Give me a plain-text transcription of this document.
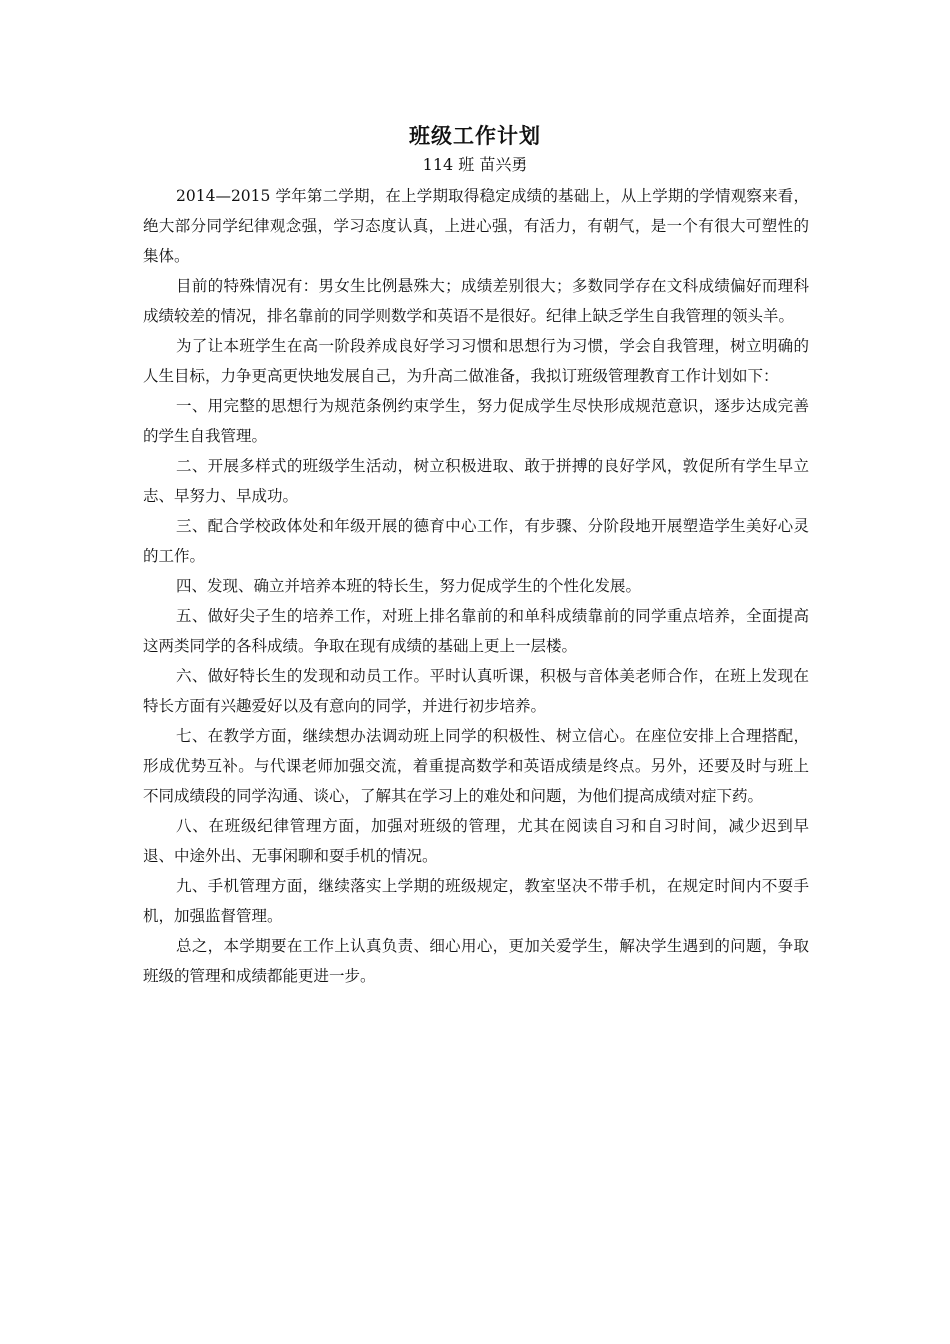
班级工作计划
114 班 苗兴勇

2014—2015 学年第二学期，在上学期取得稳定成绩的基础上，从上学期的学情观察来看，绝大部分同学纪律观念强，学习态度认真，上进心强，有活力，有朝气，是一个有很大可塑性的集体。

目前的特殊情况有：男女生比例悬殊大；成绩差别很大；多数同学存在文科成绩偏好而理科成绩较差的情况，排名靠前的同学则数学和英语不是很好。纪律上缺乏学生自我管理的领头羊。

为了让本班学生在高一阶段养成良好学习习惯和思想行为习惯，学会自我管理，树立明确的人生目标，力争更高更快地发展自己，为升高二做准备，我拟订班级管理教育工作计划如下：

一、用完整的思想行为规范条例约束学生，努力促成学生尽快形成规范意识，逐步达成完善的学生自我管理。

二、开展多样式的班级学生活动，树立积极进取、敢于拼搏的良好学风，敦促所有学生早立志、早努力、早成功。

三、配合学校政体处和年级开展的德育中心工作，有步骤、分阶段地开展塑造学生美好心灵的工作。

四、发现、确立并培养本班的特长生，努力促成学生的个性化发展。

五、做好尖子生的培养工作，对班上排名靠前的和单科成绩靠前的同学重点培养，全面提高这两类同学的各科成绩。争取在现有成绩的基础上更上一层楼。

六、做好特长生的发现和动员工作。平时认真听课，积极与音体美老师合作，在班上发现在特长方面有兴趣爱好以及有意向的同学，并进行初步培养。

七、在教学方面，继续想办法调动班上同学的积极性、树立信心。在座位安排上合理搭配，形成优势互补。与代课老师加强交流，着重提高数学和英语成绩是终点。另外，还要及时与班上不同成绩段的同学沟通、谈心，了解其在学习上的难处和问题，为他们提高成绩对症下药。

八、在班级纪律管理方面，加强对班级的管理，尤其在阅读自习和自习时间，减少迟到早退、中途外出、无事闲聊和耍手机的情况。

九、手机管理方面，继续落实上学期的班级规定，教室坚决不带手机，在规定时间内不耍手机，加强监督管理。

总之，本学期要在工作上认真负责、细心用心，更加关爱学生，解决学生遇到的问题，争取班级的管理和成绩都能更进一步。
